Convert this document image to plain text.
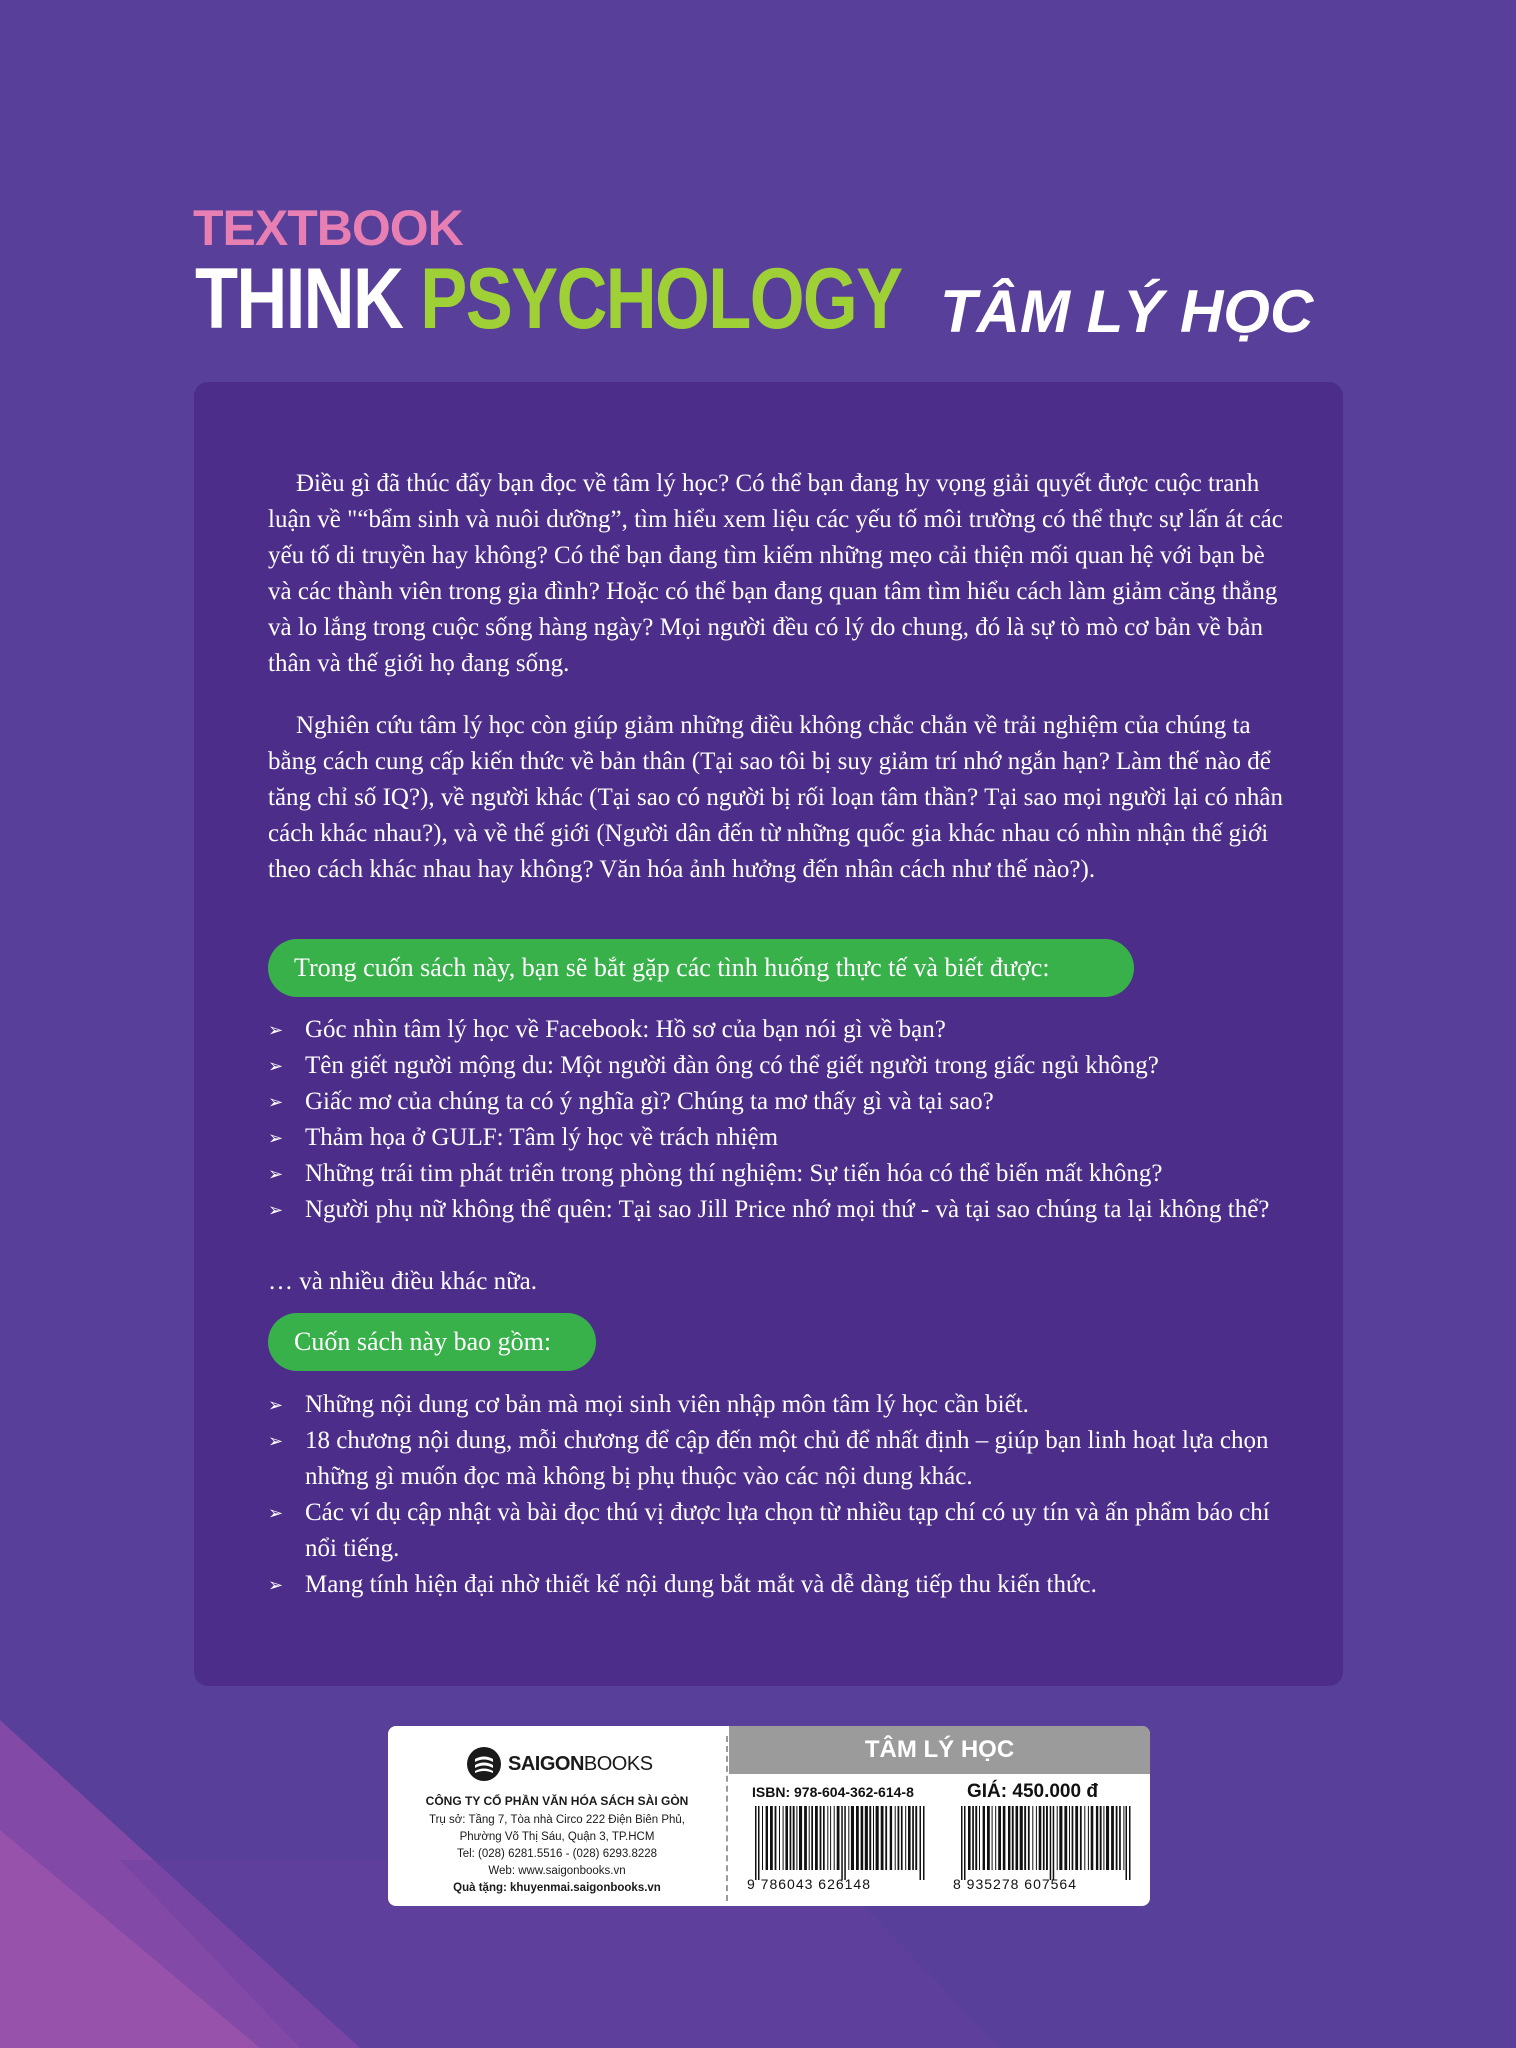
TEXTBOOK
THINK PSYCHOLOGY TÂM LÝ HỌC

Điều gì đã thúc đẩy bạn đọc về tâm lý học? Có thể bạn đang hy vọng giải quyết được cuộc tranh luận về "“bẩm sinh và nuôi dưỡng”, tìm hiểu xem liệu các yếu tố môi trường có thể thực sự lấn át các yếu tố di truyền hay không? Có thể bạn đang tìm kiếm những mẹo cải thiện mối quan hệ với bạn bè và các thành viên trong gia đình? Hoặc có thể bạn đang quan tâm tìm hiểu cách làm giảm căng thẳng và lo lắng trong cuộc sống hàng ngày? Mọi người đều có lý do chung, đó là sự tò mò cơ bản về bản thân và thế giới họ đang sống.

Nghiên cứu tâm lý học còn giúp giảm những điều không chắc chắn về trải nghiệm của chúng ta bằng cách cung cấp kiến thức về bản thân (Tại sao tôi bị suy giảm trí nhớ ngắn hạn? Làm thế nào để tăng chỉ số IQ?), về người khác (Tại sao có người bị rối loạn tâm thần? Tại sao mọi người lại có nhân cách khác nhau?), và về thế giới (Người dân đến từ những quốc gia khác nhau có nhìn nhận thế giới theo cách khác nhau hay không? Văn hóa ảnh hưởng đến nhân cách như thế nào?).

Trong cuốn sách này, bạn sẽ bắt gặp các tình huống thực tế và biết được:
➢ Góc nhìn tâm lý học về Facebook: Hồ sơ của bạn nói gì về bạn?
➢ Tên giết người mộng du: Một người đàn ông có thể giết người trong giấc ngủ không?
➢ Giấc mơ của chúng ta có ý nghĩa gì? Chúng ta mơ thấy gì và tại sao?
➢ Thảm họa ở GULF: Tâm lý học về trách nhiệm
➢ Những trái tim phát triển trong phòng thí nghiệm: Sự tiến hóa có thể biến mất không?
➢ Người phụ nữ không thể quên: Tại sao Jill Price nhớ mọi thứ - và tại sao chúng ta lại không thể?

… và nhiều điều khác nữa.

Cuốn sách này bao gồm:
➢ Những nội dung cơ bản mà mọi sinh viên nhập môn tâm lý học cần biết.
➢ 18 chương nội dung, mỗi chương để cập đến một chủ để nhất định – giúp bạn linh hoạt lựa chọn những gì muốn đọc mà không bị phụ thuộc vào các nội dung khác.
➢ Các ví dụ cập nhật và bài đọc thú vị được lựa chọn từ nhiều tạp chí có uy tín và ấn phẩm báo chí nổi tiếng.
➢ Mang tính hiện đại nhờ thiết kế nội dung bắt mắt và dễ dàng tiếp thu kiến thức.
SAIGONBOOKS
CÔNG TY CỔ PHẦN VĂN HÓA SÁCH SÀI GÒN
Trụ sở: Tầng 7, Tòa nhà Circo 222 Điện Biên Phủ,
Phường Võ Thị Sáu, Quận 3, TP.HCM
Tel: (028) 6281.5516 - (028) 6293.8228
Web: www.saigonbooks.vn
Quà tặng: khuyenmai.saigonbooks.vn
TÂM LÝ HỌC
ISBN: 978-604-362-614-8	GIÁ: 450.000 đ
9 786043 626148	8 935278 607564
